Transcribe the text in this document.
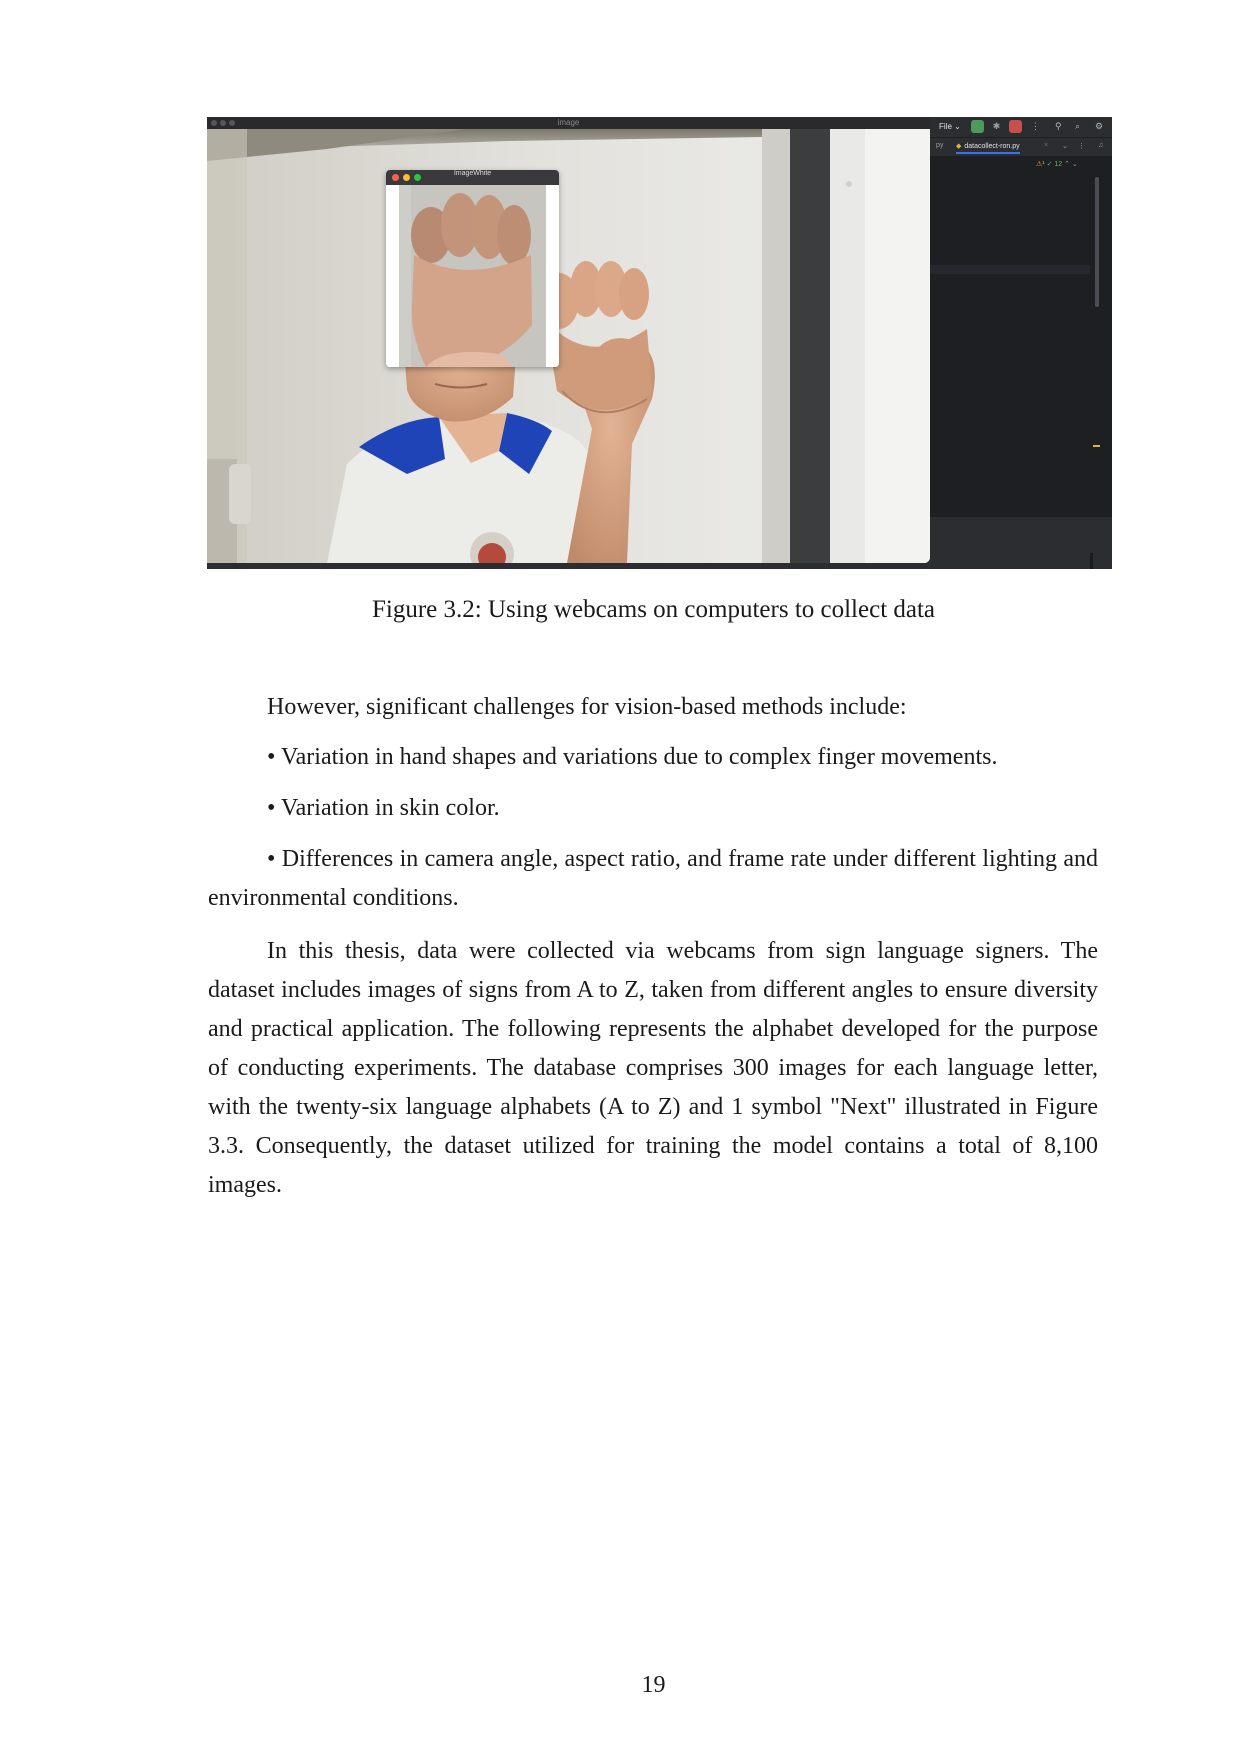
image
ImageWhite
File ⌄	✱	⋮ ⚲ ⌕ ⚙
py ◆ datacollect-ron.py	× ⌄ ⋮ ♫
⚠¹ ✓ 12 ⌃ ⌄
Figure 3.2: Using webcams on computers to collect data
However, significant challenges for vision-based methods include:
• Variation in hand shapes and variations due to complex finger movements.
• Variation in skin color.
• Differences in camera angle, aspect ratio, and frame rate under different lighting and environmental conditions.
In this thesis, data were collected via webcams from sign language signers. The dataset includes images of signs from A to Z, taken from different angles to ensure diversity and practical application. The following represents the alphabet developed for the purpose of conducting experiments. The database comprises 300 images for each language letter, with the twenty-six language alphabets (A to Z) and 1 symbol "Next" illustrated in Figure 3.3. Consequently, the dataset utilized for training the model contains a total of 8,100 images.
19
